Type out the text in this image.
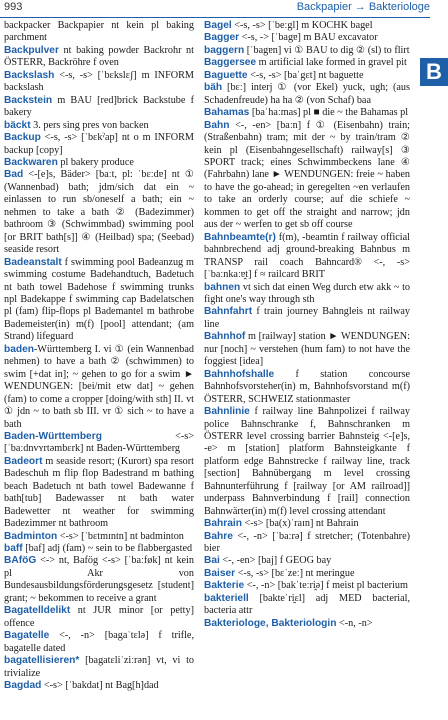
993	Backpapier → Bakteriologe
B

backpacker Backpapier nt kein pl baking parchment

Backpulver nt baking powder Backrohr nt ÖSTERR, Backröhre f oven

Backslash <-s, -s> [ˈbɛkslɛʃ] m INFORM backslash

Backstein m BAU [red]brick Backstube f bakery

bäckt 3. pers sing pres von backen

Backup <-s, -s> [ˈbɛkˀap] nt o m INFORM backup [copy]

Backwaren pl bakery produce

Bad <-[e]s, Bäder> [baːt, pl: ˈbɛːdɐ] nt ① (Wannenbad) bath; jdm/sich dat ein ~ einlassen to run sb/oneself a bath; ein ~ nehmen to take a bath ② (Badezimmer) bathroom ③ (Schwimmbad) swimming pool [or BRIT bath[s]] ④ (Heilbad) spa; (Seebad) seaside resort

Badeanstalt f swimming pool Badeanzug m swimming costume Badehandtuch, Badetuch nt bath towel Badehose f swimming trunks npl Badekappe f swimming cap Badelatschen pl (fam) flip-flops pl Bademantel m bathrobe Bademeister(in) m(f) [pool] attendant; (am Strand) lifeguard

baden-Württemberg I. vi ① (ein Wannenbad nehmen) to have a bath ② (schwimmen) to swim [+dat in]; ~ gehen to go for a swim ► WENDUNGEN: [bei/mit etw dat] ~ gehen (fam) to come a cropper [doing/with sth] II. vt ① jdn ~ to bath sb III. vr ① sich ~ to have a bath

Baden-Württemberg <-s> [ˈbaːdnvʏrtəmbɛrk] nt Baden-Württemberg

Badeort m seaside resort; (Kurort) spa resort Badeschuh m flip flop Badestrand m bathing beach Badetuch nt bath towel Badewanne f bath[tub] Badewasser nt bath water Badewetter nt weather for swimming Badezimmer nt bathroom

Badminton <-s> [ˈbɛtmɪntn] nt badminton

baff [baf] adj (fam) ~ sein to be flabbergasted

BAföG <-> nt, Bafög <-s> [ˈbaːføk] nt kein pl Akr von Bundesausbildungsförderungsgesetz [student] grant; ~ bekommen to receive a grant

Bagatelldelikt nt JUR minor [or petty] offence

Bagatelle <-, -n> [bagaˈtɛlə] f trifle, bagatelle dated

bagatellisieren* [bagatɛliˈziːrən] vt, vi to trivialize

Bagdad <-s> [ˈbakdat] nt Bag[h]dad

Bagel <-s, -s> [ˈbeːgl] m KOCHK bagel

Bagger <-s, -> [ˈbagɐ] m BAU excavator

baggern [ˈbagɐn] vi ① BAU to dig ② (sl) to flirt

Baggersee m artificial lake formed in gravel pit

Baguette <-s, -s> [baˈgɛt] nt baguette

bäh [bɛː] interj ① (vor Ekel) yuck, ugh; (aus Schadenfreude) ha ha ② (von Schaf) baa

Bahamas [baˈhaːmas] pl ■ die ~ the Bahamas pl

Bahn <-, -en> [baːn] f ① (Eisenbahn) train; (Straßenbahn) tram; mit der ~ by train/tram ② kein pl (Eisenbahngesellschaft) railway[s] ③ SPORT track; eines Schwimmbeckens lane ④ (Fahrbahn) lane ► WENDUNGEN: freie ~ haben to have the go-ahead; in geregelten ~en verlaufen to take an orderly course; auf die schiefe ~ kommen to get off the straight and narrow; jdn aus der ~ werfen to get sb off course

Bahnbeamte(r) f(m), -beamtin f railway official bahnbrechend adj ground-breaking Bahnbus m TRANSP rail coach Bahncard® <-, -s> [ˈbaːnkaːɐ̯t] f ≈ railcard BRIT

bahnen vt sich dat einen Weg durch etw akk ~ to fight one's way through sth

Bahnfahrt f train journey Bahngleis nt railway line

Bahnhof m [railway] station ► WENDUNGEN: nur [noch] ~ verstehen (hum fam) to not have the foggiest [idea]

Bahnhofshalle f station concourse Bahnhofsvorsteher(in) m, Bahnhofsvorstand m(f) ÖSTERR, SCHWEIZ stationmaster

Bahnlinie f railway line Bahnpolizei f railway police Bahnschranke f, Bahnschranken m ÖSTERR level crossing barrier Bahnsteig <-[e]s, -e> m [station] platform Bahnsteigkante f platform edge Bahnstrecke f railway line, track [section] Bahnübergang m level crossing Bahnunterführung f [railway [or AM railroad]] underpass Bahnverbindung f [rail] connection Bahnwärter(in) m(f) level crossing attendant

Bahrain <-s> [ba(x)ˈraɪn] nt Bahrain

Bahre <-, -n> [ˈbaːrə] f stretcher; (Totenbahre) bier

Bai <-, -en> [baj] f GEOG bay

Baiser <-s, -s> [bɛˈzeː] nt meringue

Bakterie <-, -n> [bakˈteːri̯ə] f meist pl bacterium

bakteriell [bakteˈri̯ɛl] adj MED bacterial, bacteria attr

Bakteriologe, Bakteriologin <-n, -n>
